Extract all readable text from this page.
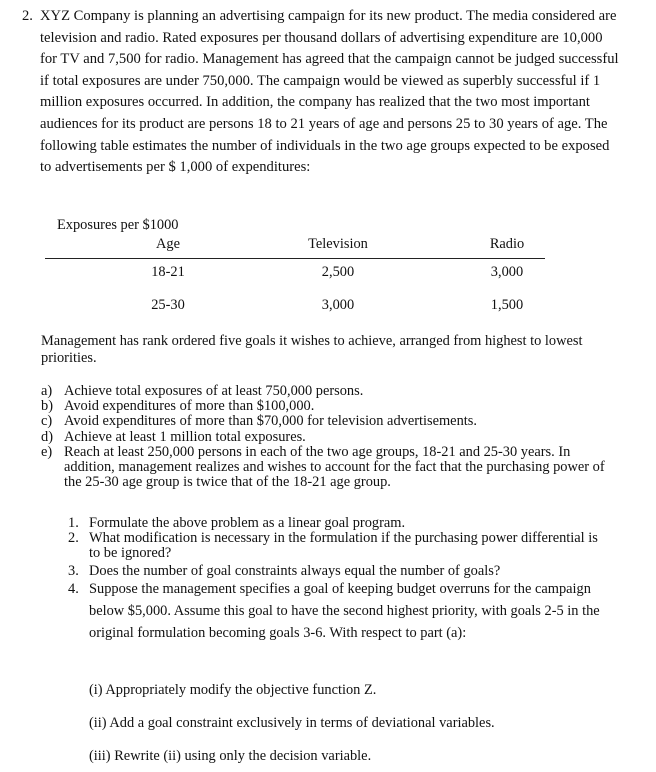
2. XYZ Company is planning an advertising campaign for its new product. The media considered are television and radio. Rated exposures per thousand dollars of advertising expenditure are 10,000 for TV and 7,500 for radio. Management has agreed that the campaign cannot be judged successful if total exposures are under 750,000. The campaign would be viewed as superbly successful if 1 million exposures occurred. In addition, the company has realized that the two most important audiences for its product are persons 18 to 21 years of age and persons 25 to 30 years of age. The following table estimates the number of individuals in the two age groups expected to be exposed to advertisements per $ 1,000 of expenditures:
Exposures per $1000
Age	Television	Radio
18-21	2,500	3,000
25-30	3,000	1,500
Management has rank ordered five goals it wishes to achieve, arranged from highest to lowest priorities.
a) Achieve total exposures of at least 750,000 persons.
b) Avoid expenditures of more than $100,000.
c) Avoid expenditures of more than $70,000 for television advertisements.
d) Achieve at least 1 million total exposures.
e) Reach at least 250,000 persons in each of the two age groups, 18-21 and 25-30 years. In addition, management realizes and wishes to account for the fact that the purchasing power of the 25-30 age group is twice that of the 18-21 age group.
1. Formulate the above problem as a linear goal program.
2. What modification is necessary in the formulation if the purchasing power differential is to be ignored?
3. Does the number of goal constraints always equal the number of goals?
4. Suppose the management specifies a goal of keeping budget overruns for the campaign below $5,000. Assume this goal to have the second highest priority, with goals 2-5 in the original formulation becoming goals 3-6. With respect to part (a):
(i) Appropriately modify the objective function Z.
(ii) Add a goal constraint exclusively in terms of deviational variables.
(iii) Rewrite (ii) using only the decision variable.
